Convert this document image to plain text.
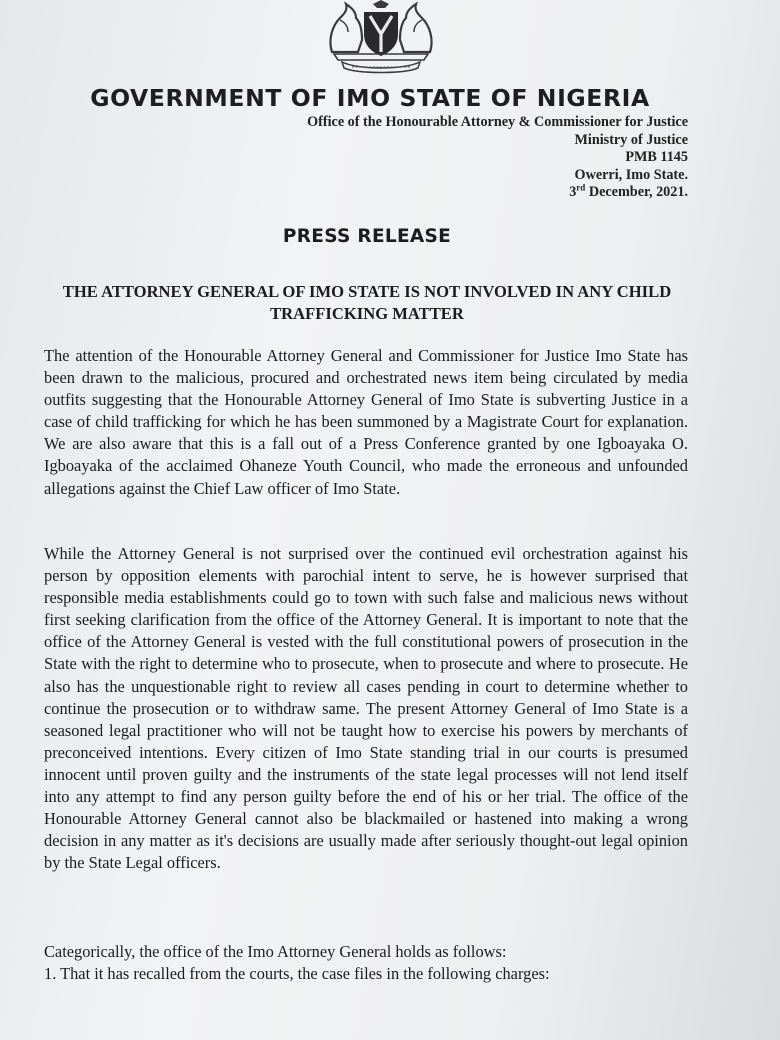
GOVERNMENT OF IMO STATE OF NIGERIA
Office of the Honourable Attorney & Commissioner for Justice
Ministry of Justice
PMB 1145
Owerri, Imo State.
3rd December, 2021.
PRESS RELEASE
THE ATTORNEY GENERAL OF IMO STATE IS NOT INVOLVED IN ANY CHILD TRAFFICKING MATTER

The attention of the Honourable Attorney General and Commissioner for Justice Imo State has been drawn to the malicious, procured and orchestrated news item being circulated by media outfits suggesting that the Honourable Attorney General of Imo State is subverting Justice in a case of child trafficking for which he has been summoned by a Magistrate Court for explanation. We are also aware that this is a fall out of a Press Conference granted by one Igboayaka O. Igboayaka of the acclaimed Ohaneze Youth Council, who made the erroneous and unfounded allegations against the Chief Law officer of Imo State.

While the Attorney General is not surprised over the continued evil orchestration against his person by opposition elements with parochial intent to serve, he is however surprised that responsible media establishments could go to town with such false and malicious news without first seeking clarification from the office of the Attorney General. It is important to note that the office of the Attorney General is vested with the full constitutional powers of prosecution in the State with the right to determine who to prosecute, when to prosecute and where to prosecute. He also has the unquestionable right to review all cases pending in court to determine whether to continue the prosecution or to withdraw same. The present Attorney General of Imo State is a seasoned legal practitioner who will not be taught how to exercise his powers by merchants of preconceived intentions. Every citizen of Imo State standing trial in our courts is presumed innocent until proven guilty and the instruments of the state legal processes will not lend itself into any attempt to find any person guilty before the end of his or her trial. The office of the Honourable Attorney General cannot also be blackmailed or hastened into making a wrong decision in any matter as it's decisions are usually made after seriously thought-out legal opinion by the State Legal officers.

Categorically, the office of the Imo Attorney General holds as follows:

1. That it has recalled from the courts, the case files in the following charges:
